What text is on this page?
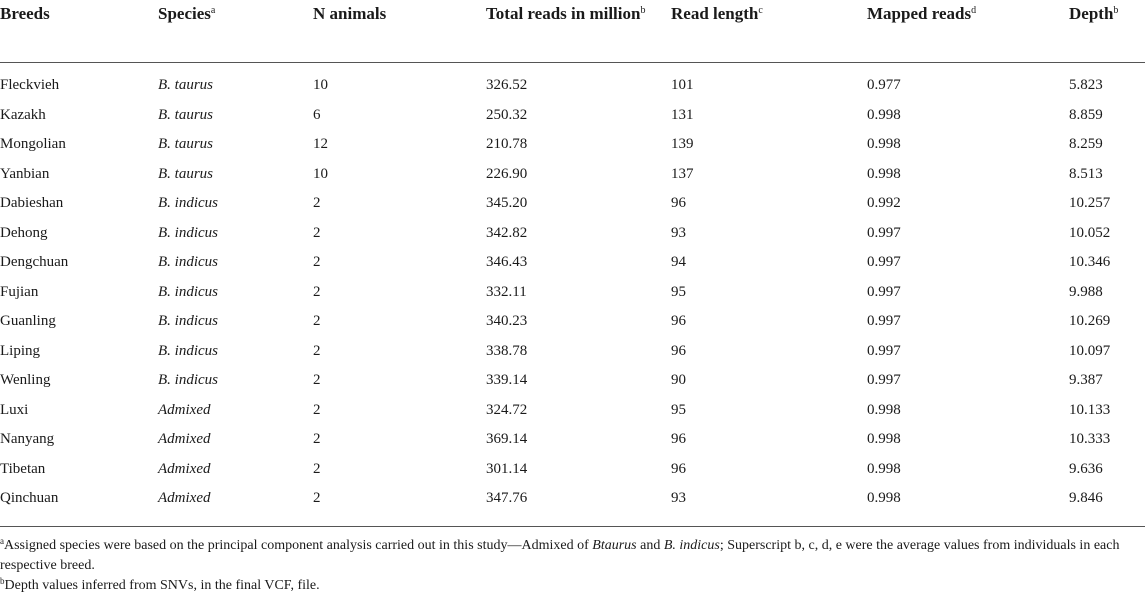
Breeds	Species$^a$	N animals	Total reads in million$^b$	Read length$^c$	Mapped reads$^d$	Depth$^b$
Fleckvieh	B. taurus	10	326.52	101	0.977	5.823
Kazakh	B. taurus	6	250.32	131	0.998	8.859
Mongolian	B. taurus	12	210.78	139	0.998	8.259
Yanbian	B. taurus	10	226.90	137	0.998	8.513
Dabieshan	B. indicus	2	345.20	96	0.992	10.257
Dehong	B. indicus	2	342.82	93	0.997	10.052
Dengchuan	B. indicus	2	346.43	94	0.997	10.346
Fujian	B. indicus	2	332.11	95	0.997	9.988
Guanling	B. indicus	2	340.23	96	0.997	10.269
Liping	B. indicus	2	338.78	96	0.997	10.097
Wenling	B. indicus	2	339.14	90	0.997	9.387
Luxi	Admixed	2	324.72	95	0.998	10.133
Nanyang	Admixed	2	369.14	96	0.998	10.333
Tibetan	Admixed	2	301.14	96	0.998	9.636
Qinchuan	Admixed	2	347.76	93	0.998	9.846

$^a$Assigned species were based on the principal component analysis carried out in this study—Admixed of Btaurus and B. indicus; Superscript b, c, d, e were the average values from individuals in each respective breed.

$^b$Depth values inferred from SNVs, in the final VCF, file.
